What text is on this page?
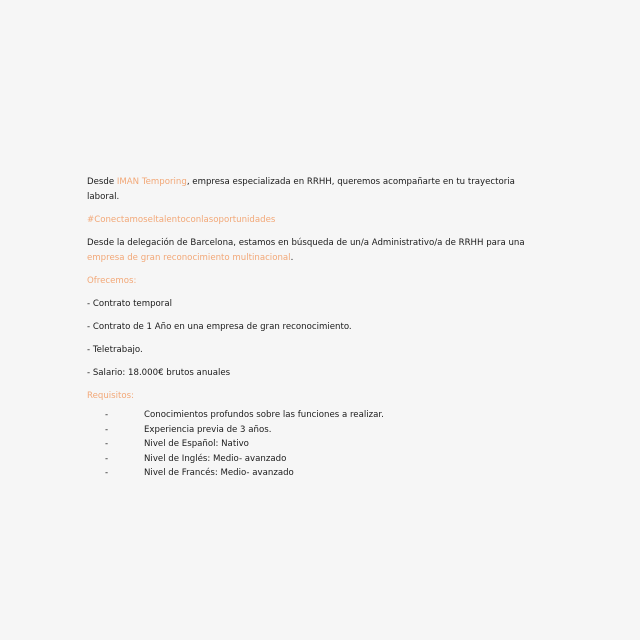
Desde IMAN Temporing, empresa especializada en RRHH, queremos acompañarte en tu trayectoria
laboral.

#Conectamoseltalentoconlasoportunidades

Desde la delegación de Barcelona, estamos en búsqueda de un/a Administrativo/a de RRHH para una
empresa de gran reconocimiento multinacional.

Ofrecemos:

- Contrato temporal

- Contrato de 1 Año en una empresa de gran reconocimiento.

- Teletrabajo.

- Salario: 18.000€ brutos anuales

Requisitos:

-	Conocimientos profundos sobre las funciones a realizar.
-	Experiencia previa de 3 años.
-	Nivel de Español: Nativo
-	Nivel de Inglés: Medio- avanzado
-	Nivel de Francés: Medio- avanzado
